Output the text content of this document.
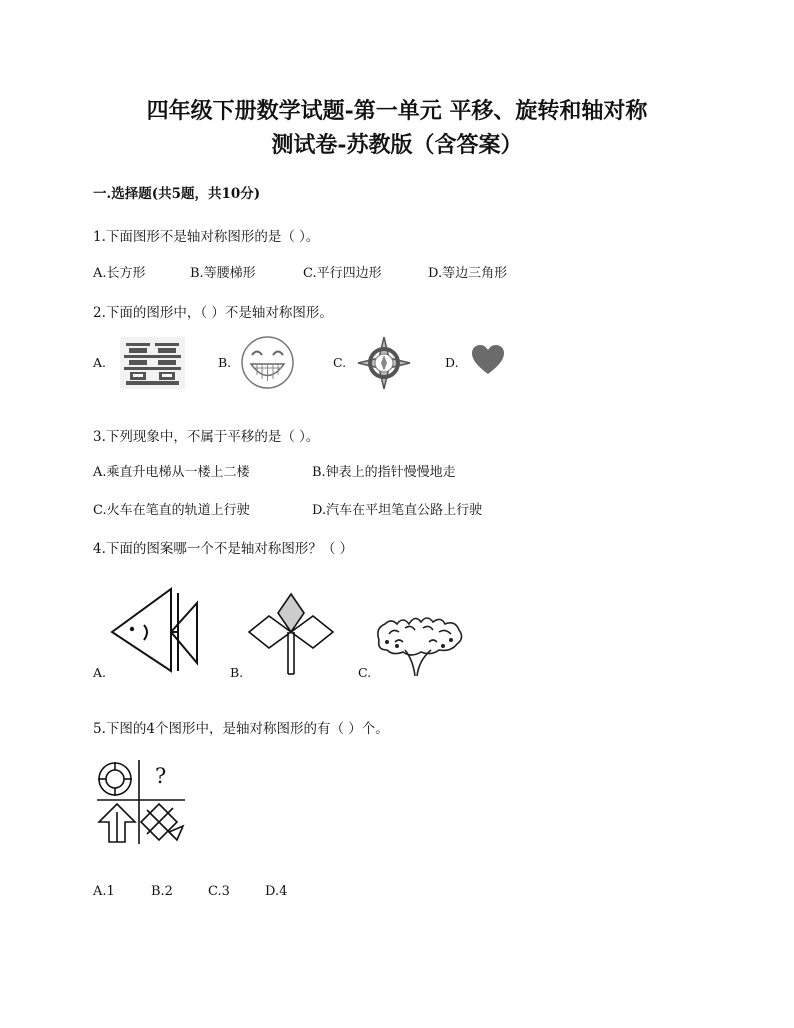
四年级下册数学试题-第一单元 平移、旋转和轴对称
测试卷-苏教版（含答案）
一.选择题(共5题，共10分)
1.下面图形不是轴对称图形的是（ ）。
A.长方形	B.等腰梯形	C.平行四边形	D.等边三角形
2.下面的图形中，（ ）不是轴对称图形。
A.	B.	C.	D.
3.下列现象中，不属于平移的是（ ）。
A.乘直升电梯从一楼上二楼	B.钟表上的指针慢慢地走
C.火车在笔直的轨道上行驶	D.汽车在平坦笔直公路上行驶
4.下面的图案哪一个不是轴对称图形？（ ）
A.	B.	C.
5.下图的4个图形中，是轴对称图形的有（ ）个。
?
A.1	B.2	C.3	D.4
